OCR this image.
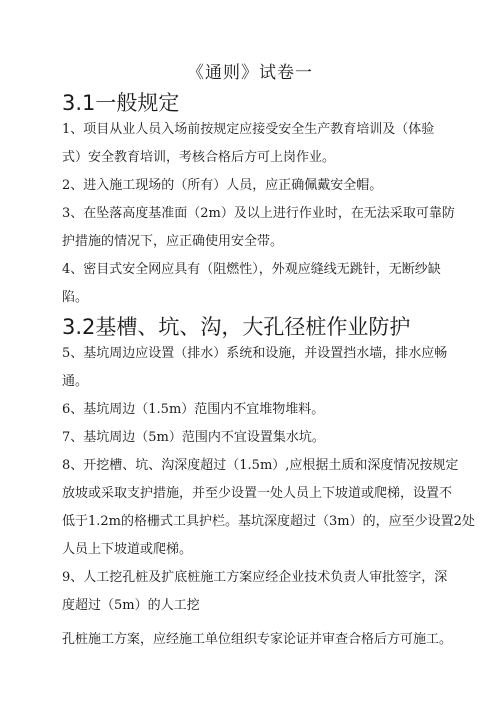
《通则》试卷一
3.1一般规定
1、项目从业人员入场前按规定应接受安全生产教育培训及（体验
式）安全教育培训，考核合格后方可上岗作业。
2、进入施工现场的（所有）人员，应正确佩戴安全帽。
3、在坠落高度基准面（2m）及以上进行作业时，在无法采取可靠防
护措施的情况下，应正确使用安全带。
4、密目式安全网应具有（阻燃性），外观应缝线无跳针，无断纱缺
陷。
3.2基槽、坑、沟，大孔径桩作业防护
5、基坑周边应设置（排水）系统和设施，并设置挡水墙，排水应畅
通。
6、基坑周边（1.5m）范围内不宜堆物堆料。
7、基坑周边（5m）范围内不宜设置集水坑。
8、开挖槽、坑、沟深度超过（1.5m）,应根据土质和深度情况按规定
放坡或采取支护措施，并至少设置一处人员上下坡道或爬梯，设置不
低于1.2m的格栅式工具护栏。基坑深度超过（3m）的，应至少设置2处
人员上下坡道或爬梯。
9、人工挖孔桩及扩底桩施工方案应经企业技术负责人审批签字，深
度超过（5m）的人工挖
孔桩施工方案，应经施工单位组织专家论证并审查合格后方可施工。
